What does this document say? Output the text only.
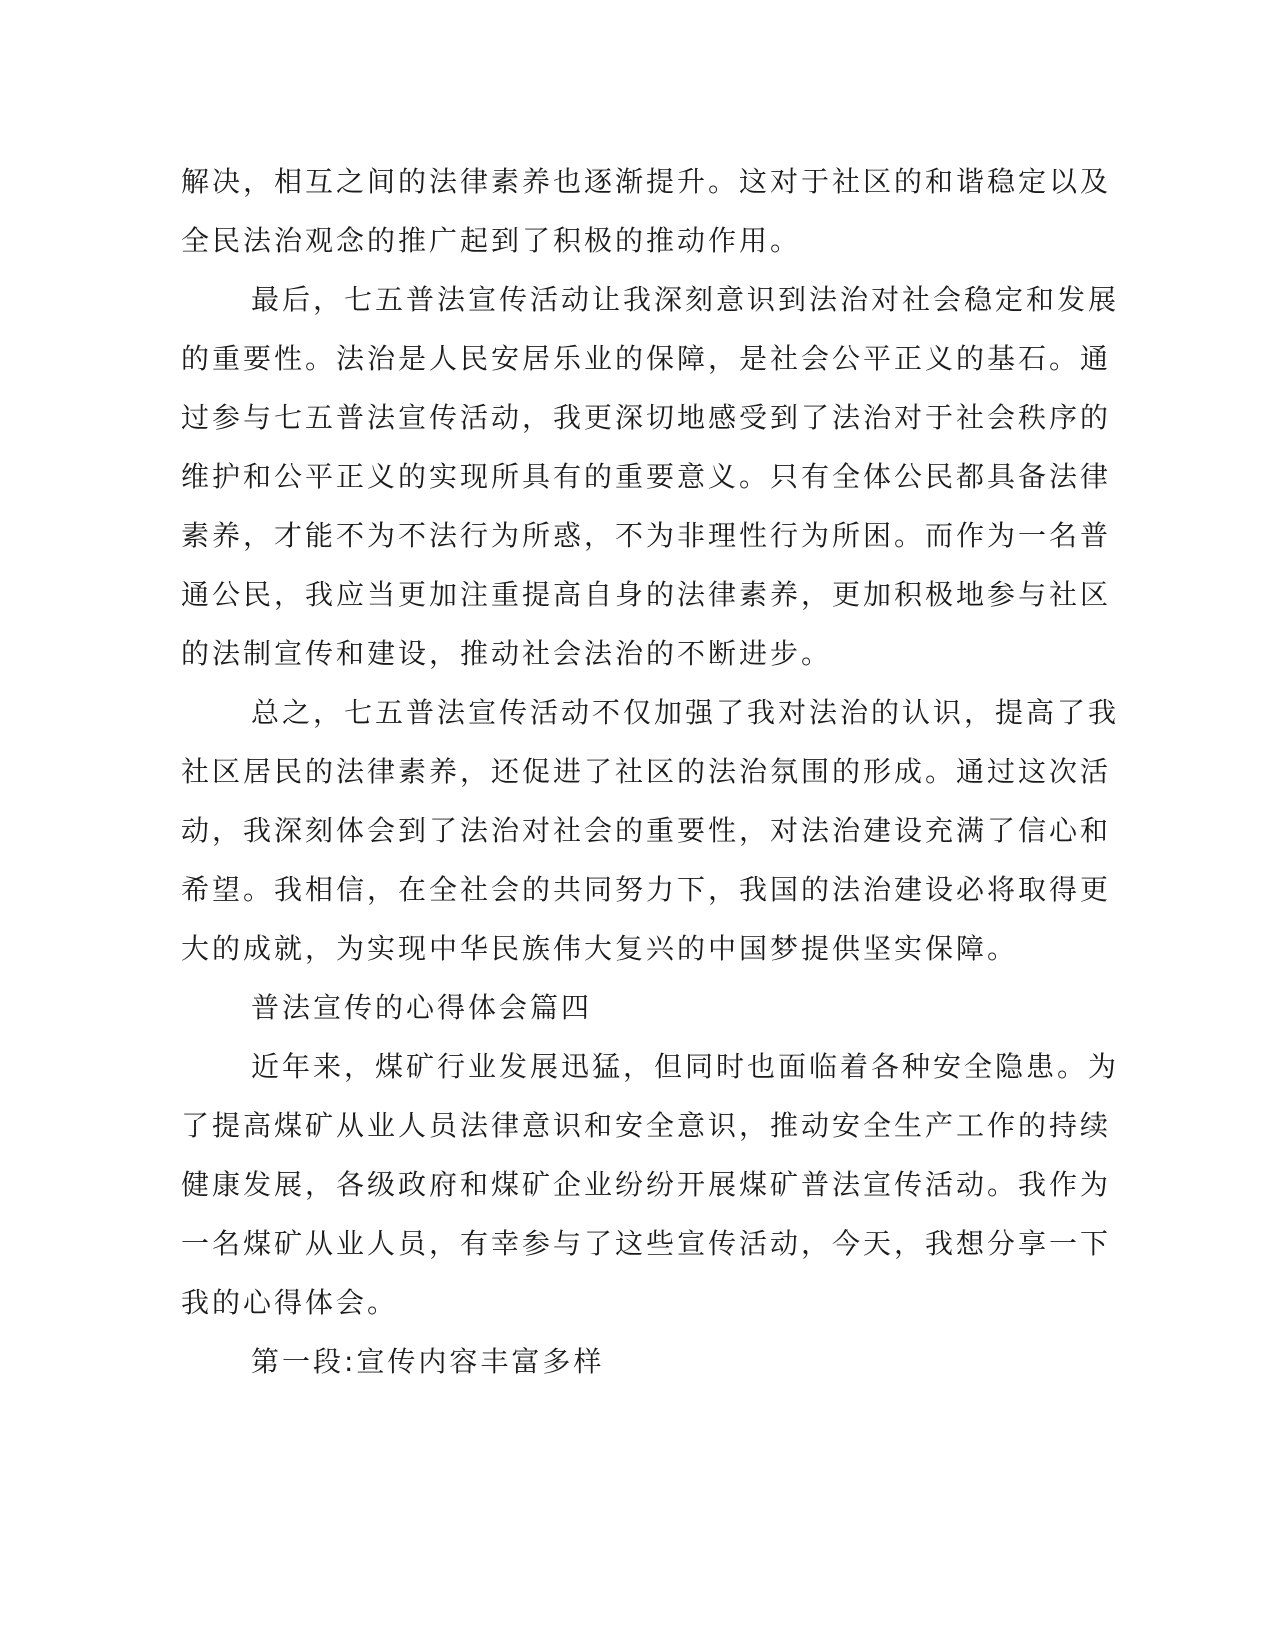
解决，相互之间的法律素养也逐渐提升。这对于社区的和谐稳定以及
全民法治观念的推广起到了积极的推动作用。

最后，七五普法宣传活动让我深刻意识到法治对社会稳定和发展
的重要性。法治是人民安居乐业的保障，是社会公平正义的基石。通
过参与七五普法宣传活动，我更深切地感受到了法治对于社会秩序的
维护和公平正义的实现所具有的重要意义。只有全体公民都具备法律
素养，才能不为不法行为所惑，不为非理性行为所困。而作为一名普
通公民，我应当更加注重提高自身的法律素养，更加积极地参与社区
的法制宣传和建设，推动社会法治的不断进步。

总之，七五普法宣传活动不仅加强了我对法治的认识，提高了我
社区居民的法律素养，还促进了社区的法治氛围的形成。通过这次活
动，我深刻体会到了法治对社会的重要性，对法治建设充满了信心和
希望。我相信，在全社会的共同努力下，我国的法治建设必将取得更
大的成就，为实现中华民族伟大复兴的中国梦提供坚实保障。

普法宣传的心得体会篇四

近年来，煤矿行业发展迅猛，但同时也面临着各种安全隐患。为
了提高煤矿从业人员法律意识和安全意识，推动安全生产工作的持续
健康发展，各级政府和煤矿企业纷纷开展煤矿普法宣传活动。我作为
一名煤矿从业人员，有幸参与了这些宣传活动，今天，我想分享一下
我的心得体会。

第一段:宣传内容丰富多样
